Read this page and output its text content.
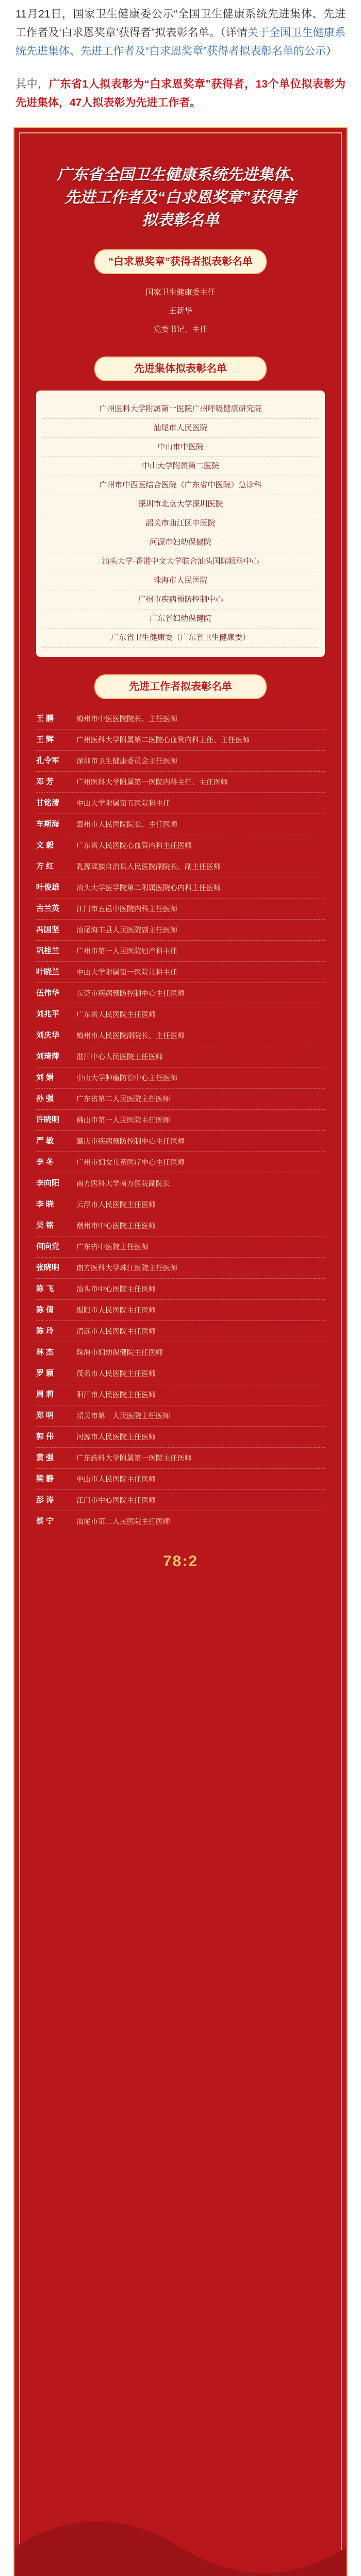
11月21日，国家卫生健康委公示“全国卫生健康系统先进集体、先进工作者及‘白求恩奖章’获得者”拟表彰名单。（详情关于全国卫生健康系统先进集体、先进工作者及“白求恩奖章”获得者拟表彰名单的公示）

其中，广东省1人拟表彰为“白求恩奖章”获得者，13个单位拟表彰为先进集体，47人拟表彰为先进工作者。

广东省全国卫生健康系统先进集体、
先进工作者及“白求恩奖章”获得者
拟表彰名单
“白求恩奖章”获得者拟表彰名单
国家卫生健康委主任
王新华
党委书记、主任
先进集体拟表彰名单
广州医科大学附属第一医院广州呼吸健康研究院
汕尾市人民医院
中山市中医院
中山大学附属第二医院
广州市中西医结合医院（广东省中医院）急诊科
深圳市北京大学深圳医院
韶关市曲江区中医院
河源市妇幼保健院
汕头大学·香港中文大学联合汕头国际眼科中心
珠海市人民医院
广州市疾病预防控制中心
广东省妇幼保健院
广东省卫生健康委（广东省卫生健康委）
先进工作者拟表彰名单
王 鹏	梅州市中医医院院长、主任医师
王 辉	广州医科大学附属第二医院心血管内科主任、主任医师
孔令军	深圳市卫生健康委员会主任医师
邓 芳	广州医科大学附属第一医院内科主任、主任医师
甘铭清	中山大学附属第五医院科主任
车斯海	惠州市人民医院院长、主任医师
文 毅	广东省人民医院心血管内科主任医师
方 红	乳源瑶族自治县人民医院副院长、副主任医师
叶俊雄	汕头大学医学院第二附属医院心内科主任医师
古兰英	江门市五邑中医院内科主任医师
冯国坚	汕尾海丰县人民医院副主任医师
巩桂兰	广州市第一人民医院妇产科主任
叶晓兰	中山大学附属第一医院儿科主任
伍伟华	东莞市疾病预防控制中心主任医师
刘兆平	广东省人民医院主任医师
刘庆华	梅州市人民医院副院长、主任医师
刘琦萍	湛江中心人民医院主任医师
刘 娟	中山大学肿瘤防治中心主任医师
孙 强	广东省第二人民医院主任医师
许晓明	佛山市第一人民医院主任医师
严 敏	肇庆市疾病预防控制中心主任医师
李 冬	广州市妇女儿童医疗中心主任医师
李向阳	南方医科大学南方医院副院长
李 晓	云浮市人民医院主任医师
吴 铭	潮州市中心医院主任医师
何向党	广东省中医院主任医师
张晓明	南方医科大学珠江医院主任医师
陈 飞	汕头市中心医院主任医师
陈 倩	揭阳市人民医院主任医师
陈 玲	清远市人民医院主任医师
林 杰	珠海市妇幼保健院主任医师
罗 颖	茂名市人民医院主任医师
周 莉	阳江市人民医院主任医师
郑 明	韶关市第一人民医院主任医师
郭 伟	河源市人民医院主任医师
黄 强	广东药科大学附属第一医院主任医师
梁 静	中山市人民医院主任医师
彭 涛	江门市中心医院主任医师
蔡 宁	汕尾市第二人民医院主任医师
78:2
